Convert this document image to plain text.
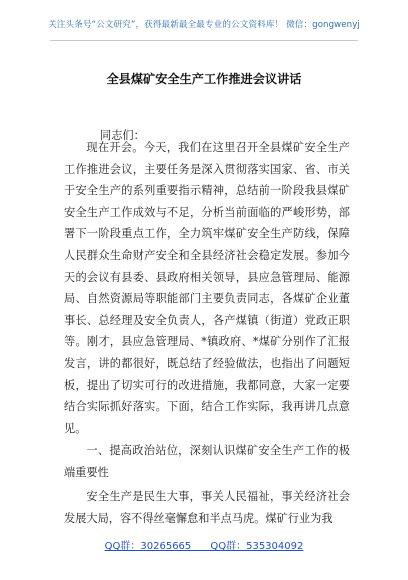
关注头条号“公文研究”，获得最新最全最专业的公文资料库！ 微信：gongwenyj
全县煤矿安全生产工作推进会议讲话
同志们：

现在开会。今天，我们在这里召开全县煤矿安全生产工作推进会议，主要任务是深入贯彻落实国家、省、市关于安全生产的系列重要指示精神，总结前一阶段我县煤矿安全生产工作成效与不足，分析当前面临的严峻形势，部署下一阶段重点工作，全力筑牢煤矿安全生产防线，保障人民群众生命财产安全和全县经济社会稳定发展。参加今天的会议有县委、县政府相关领导，县应急管理局、能源局、自然资源局等职能部门主要负责同志，各煤矿企业董事长、总经理及安全负责人，各产煤镇（街道）党政正职等。刚才，县应急管理局、*镇政府、*煤矿分别作了汇报发言，讲的都很好，既总结了经验做法，也指出了问题短板，提出了切实可行的改进措施，我都同意，大家一定要结合实际抓好落实。下面，结合工作实际，我再讲几点意见。

一、提高政治站位，深刻认识煤矿安全生产工作的极端重要性

安全生产是民生大事，事关人民福祉，事关经济社会发展大局，容不得丝毫懈怠和半点马虎。煤矿行业为我

QQ群：30265665      QQ群：535304092
